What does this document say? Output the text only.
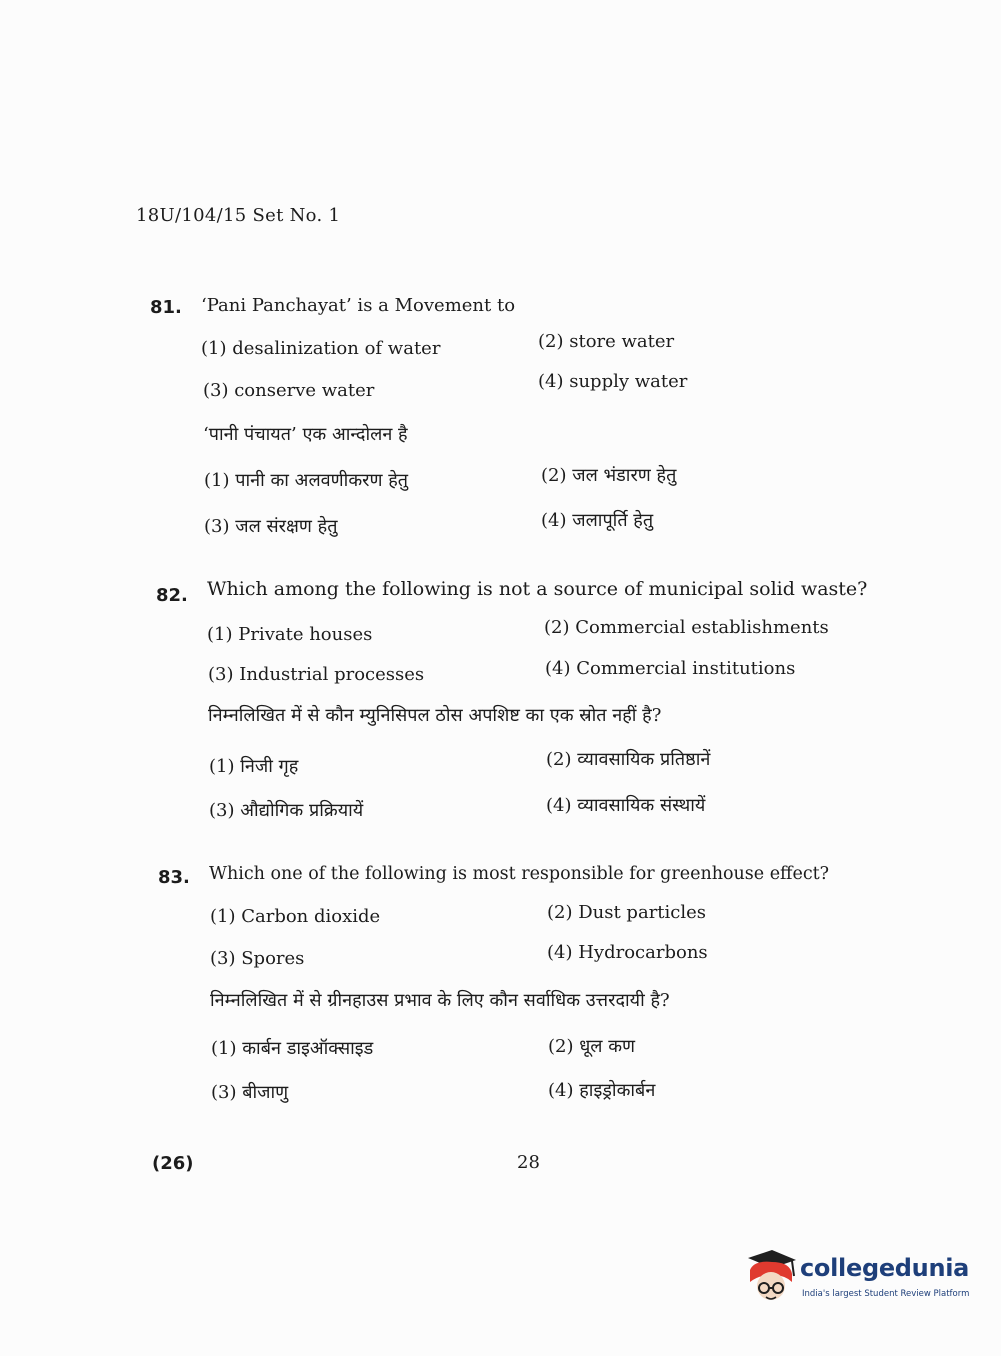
18U/104/15 Set No. 1
81. ‘Pani Panchayat’ is a Movement to
(1) desalinization of water	(2) store water
(3) conserve water	(4) supply water
‘पानी पंचायत’ एक आन्दोलन है
(1) पानी का अलवणीकरण हेतु	(2) जल भंडारण हेतु
(3) जल संरक्षण हेतु	(4) जलापूर्ति हेतु
82. Which among the following is not a source of municipal solid waste?
(1) Private houses	(2) Commercial establishments
(3) Industrial processes	(4) Commercial institutions
निम्नलिखित में से कौन म्युनिसिपल ठोस अपशिष्ट का एक स्रोत नहीं है?
(1) निजी गृह	(2) व्यावसायिक प्रतिष्ठानें
(3) औद्योगिक प्रक्रियायें	(4) व्यावसायिक संस्थायें
83. Which one of the following is most responsible for greenhouse effect?
(1) Carbon dioxide	(2) Dust particles
(3) Spores	(4) Hydrocarbons
निम्नलिखित में से ग्रीनहाउस प्रभाव के लिए कौन सर्वाधिक उत्तरदायी है?
(1) कार्बन डाइऑक्साइड	(2) धूल कण
(3) बीजाणु	(4) हाइड्रोकार्बन
(26)	28
collegedunia
India's largest Student Review Platform
